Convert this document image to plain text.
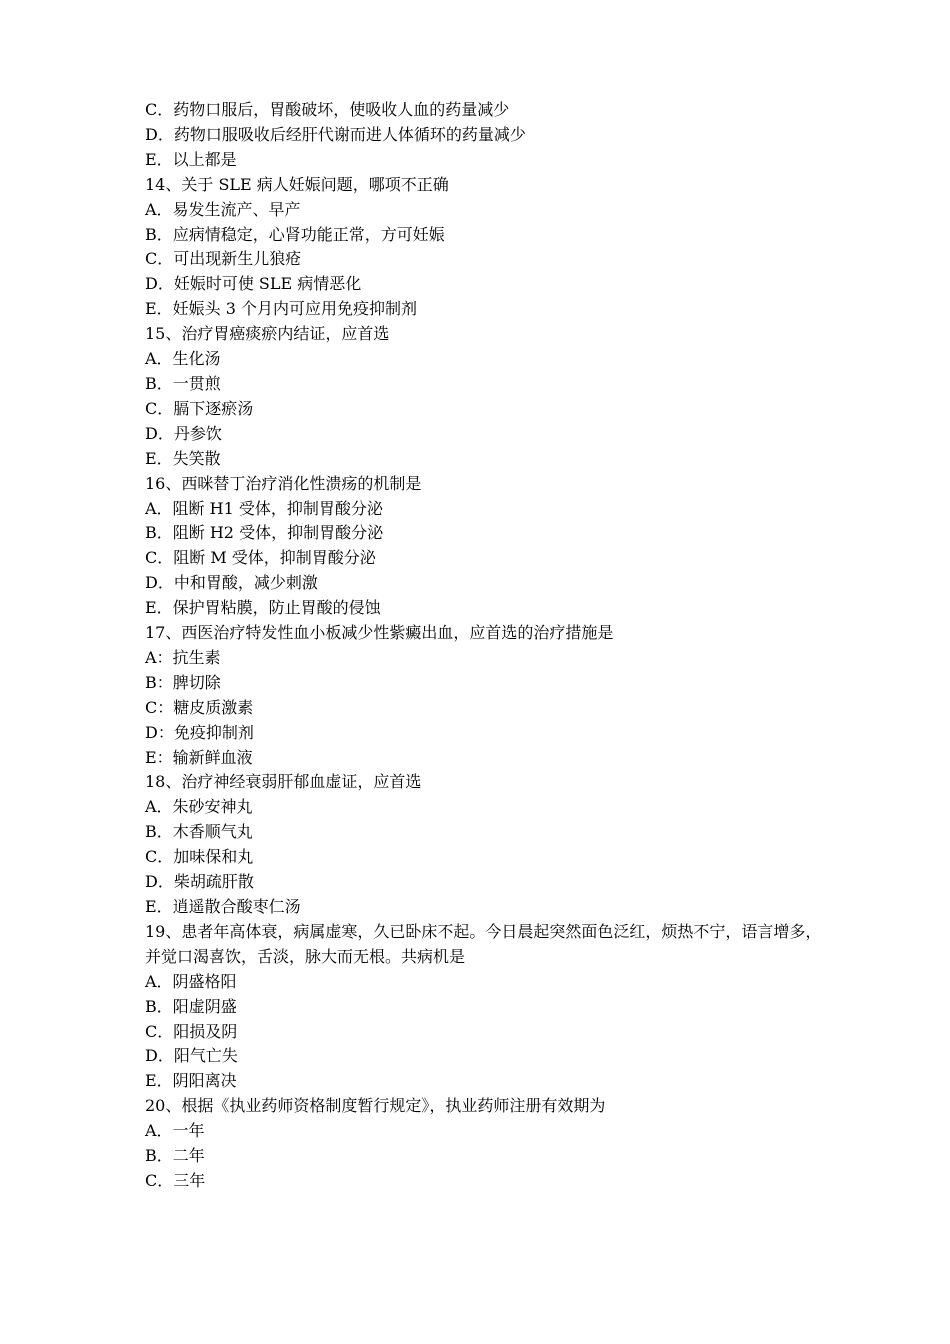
C．药物口服后，胃酸破坏，使吸收人血的药量减少
D．药物口服吸收后经肝代谢而进人体循环的药量减少
E．以上都是
14、关于 SLE 病人妊娠问题，哪项不正确
A．易发生流产、早产
B．应病情稳定，心肾功能正常，方可妊娠
C．可出现新生儿狼疮
D．妊娠时可使 SLE 病情恶化
E．妊娠头 3 个月内可应用免疫抑制剂
15、治疗胃癌痰瘀内结证，应首选
A．生化汤
B．一贯煎
C．膈下逐瘀汤
D．丹参饮
E．失笑散
16、西咪替丁治疗消化性溃疡的机制是
A．阻断 H1 受体，抑制胃酸分泌
B．阻断 H2 受体，抑制胃酸分泌
C．阻断 M 受体，抑制胃酸分泌
D．中和胃酸，减少刺激
E．保护胃粘膜，防止胃酸的侵蚀
17、西医治疗特发性血小板减少性紫癜出血，应首选的治疗措施是
A：抗生素
B：脾切除
C：糖皮质激素
D：免疫抑制剂
E：输新鲜血液
18、治疗神经衰弱肝郁血虚证，应首选
A．朱砂安神丸
B．木香顺气丸
C．加味保和丸
D．柴胡疏肝散
E．逍遥散合酸枣仁汤
19、患者年高体衰，病属虚寒，久已卧床不起。今日晨起突然面色泛红，烦热不宁，语言增多，并觉口渴喜饮，舌淡，脉大而无根。共病机是
A．阴盛格阳
B．阳虚阴盛
C．阳损及阴
D．阳气亡失
E．阴阳离决
20、根据《执业药师资格制度暂行规定》，执业药师注册有效期为
A．一年
B．二年
C．三年
